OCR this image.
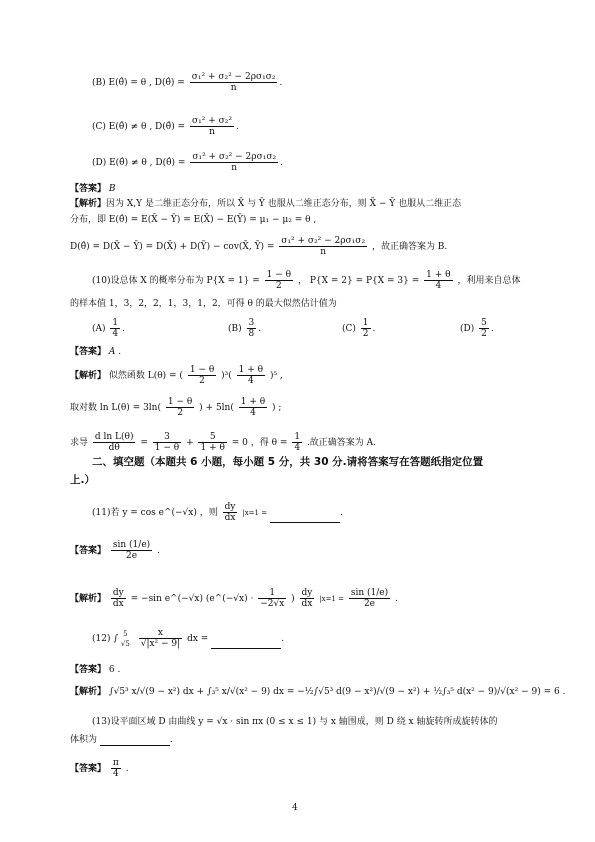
(B) E(θ̂) = θ , D(θ̂) = $\frac{\text{σ₁² + σ₂² − 2ρσ₁σ₂}}{n}$ .
(C) E(θ̂) ≠ θ , D(θ̂) = $\frac{\text{σ₁² + σ₂²}}{n}$ .
(D) E(θ̂) ≠ θ , D(θ̂) = $\frac{\text{σ₁² + σ₂² − 2ρσ₁σ₂}}{n}$ .
【答案】 B
【解析】因为 X,Y 是二维正态分布，所以 X̄ 与 Ȳ 也服从二维正态分布，则 X̄ − Ȳ 也服从二维正态
分布，即 E(θ̂) = E(X̄ − Ȳ) = E(X̄) − E(Ȳ) = μ₁ − μ₂ = θ ,
D(θ̂) = D(X̄ − Ȳ) = D(X̄) + D(Ȳ) − cov(X̄, Ȳ) = $\frac{\text{σ₁² + σ₂² − 2ρσ₁σ₂}}{n}$ ，故正确答案为 B.
(10)设总体 X 的概率分布为 $P\{X = 1\} = \frac{1 - \theta}{2}$ ， $P\{X = 2\} = P\{X = 3\} = \frac{1 + \theta}{4}$ ，利用来自总体
的样本值 1，3，2，2，1，3，1，2，可得 θ 的最大似然估计值为
$(A) \frac{1}{4}$ .	$(B) \frac{3}{8}$ .	$(C) \frac{1}{2}$ .	$(D) \frac{5}{2}$ .
【答案】 A .
【解析】 似然函数 L(θ) = ( $\frac{1 - \theta}{2} )^3( \frac{1 + \theta}{4} )^5$ ,
取对数 $\ln L(\theta) = 3\ln( \frac{1 - \theta}{2}$ ) + $5\ln( \frac{1 + \theta}{4}$ ) ;
求导 $\frac{\text{d ln L(θ)}}{d\theta} = \frac{3}{1 - \theta} + \frac{5}{1 + \theta} = 0$ ，得 $\theta = \frac{1}{4}$ .故正确答案为 A.
二、填空题（本题共 6 小题，每小题 5 分，共 30 分.请将答案写在答题纸指定位置
上.）
(11)若 y = cos e^(−√x) ，则 $\frac{dy}{dx} |x=1$ =	.
【答案】 $\frac{\sin (1/e)}{2e}$ .
【解析】 $\frac{dy}{dx} = -\sin$ e^(−√x) (e^(−√x) · $\frac{1}{-2√x}$ ) $\frac{dy}{dx} |x=1 = \frac{\sin (1/e)}{2e}$ .
(12) ∫
5
√5
$\frac{x}{\text{√|x² − 9|}}$ dx =	.
【答案】 6 .
【解析】 ∫√5³ x/√(9 − x²) dx + ∫₃⁵ x/√(x² − 9) dx = −½∫√5³ d(9 − x²)/√(9 − x²) + ½∫₃⁵ d(x² − 9)/√(x² − 9) = 6 .
(13)设平面区域 D 由曲线 y = √x · sin πx (0 ≤ x ≤ 1) 与 x 轴围成，则 D 绕 x 轴旋转所成旋转体的
体积为	.
【答案】 $\frac{\pi}{4}$ .
4
